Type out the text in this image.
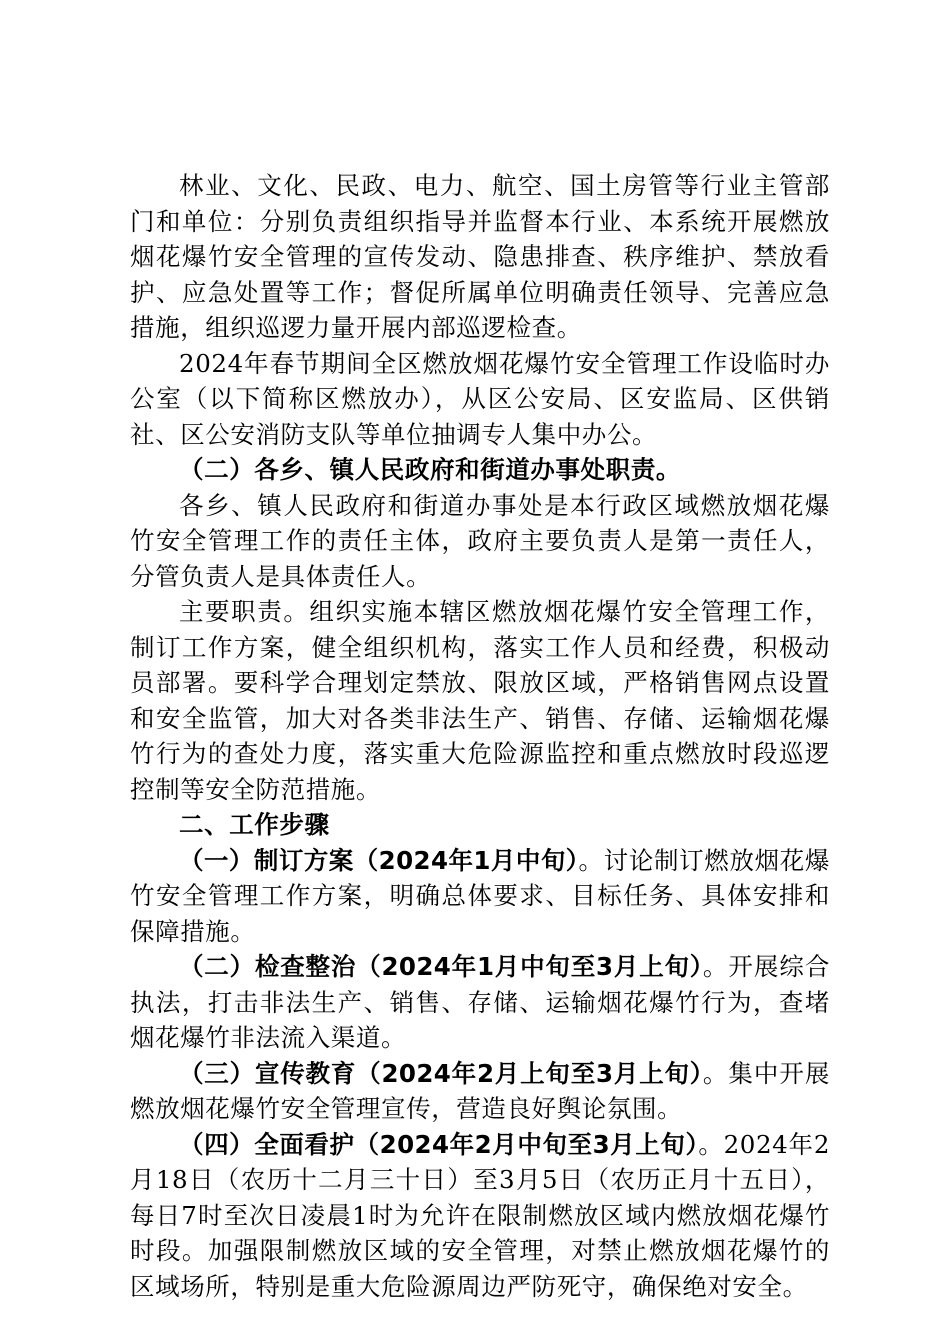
林业、文化、民政、电力、航空、国土房管等行业主管部门和单位：分别负责组织指导并监督本行业、本系统开展燃放烟花爆竹安全管理的宣传发动、隐患排查、秩序维护、禁放看护、应急处置等工作；督促所属单位明确责任领导、完善应急措施，组织巡逻力量开展内部巡逻检查。

2024年春节期间全区燃放烟花爆竹安全管理工作设临时办公室（以下简称区燃放办），从区公安局、区安监局、区供销社、区公安消防支队等单位抽调专人集中办公。

（二）各乡、镇人民政府和街道办事处职责。

各乡、镇人民政府和街道办事处是本行政区域燃放烟花爆竹安全管理工作的责任主体，政府主要负责人是第一责任人，分管负责人是具体责任人。

主要职责。组织实施本辖区燃放烟花爆竹安全管理工作，制订工作方案，健全组织机构，落实工作人员和经费，积极动员部署。要科学合理划定禁放、限放区域，严格销售网点设置和安全监管，加大对各类非法生产、销售、存储、运输烟花爆竹行为的查处力度，落实重大危险源监控和重点燃放时段巡逻控制等安全防范措施。

二、工作步骤

（一）制订方案（2024年1月中旬）。讨论制订燃放烟花爆竹安全管理工作方案，明确总体要求、目标任务、具体安排和保障措施。

（二）检查整治（2024年1月中旬至3月上旬）。开展综合执法，打击非法生产、销售、存储、运输烟花爆竹行为，查堵烟花爆竹非法流入渠道。

（三）宣传教育（2024年2月上旬至3月上旬）。集中开展燃放烟花爆竹安全管理宣传，营造良好舆论氛围。

（四）全面看护（2024年2月中旬至3月上旬）。2024年2月18日（农历十二月三十日）至3月5日（农历正月十五日），每日7时至次日凌晨1时为允许在限制燃放区域内燃放烟花爆竹时段。加强限制燃放区域的安全管理，对禁止燃放烟花爆竹的区域场所，特别是重大危险源周边严防死守，确保绝对安全。
